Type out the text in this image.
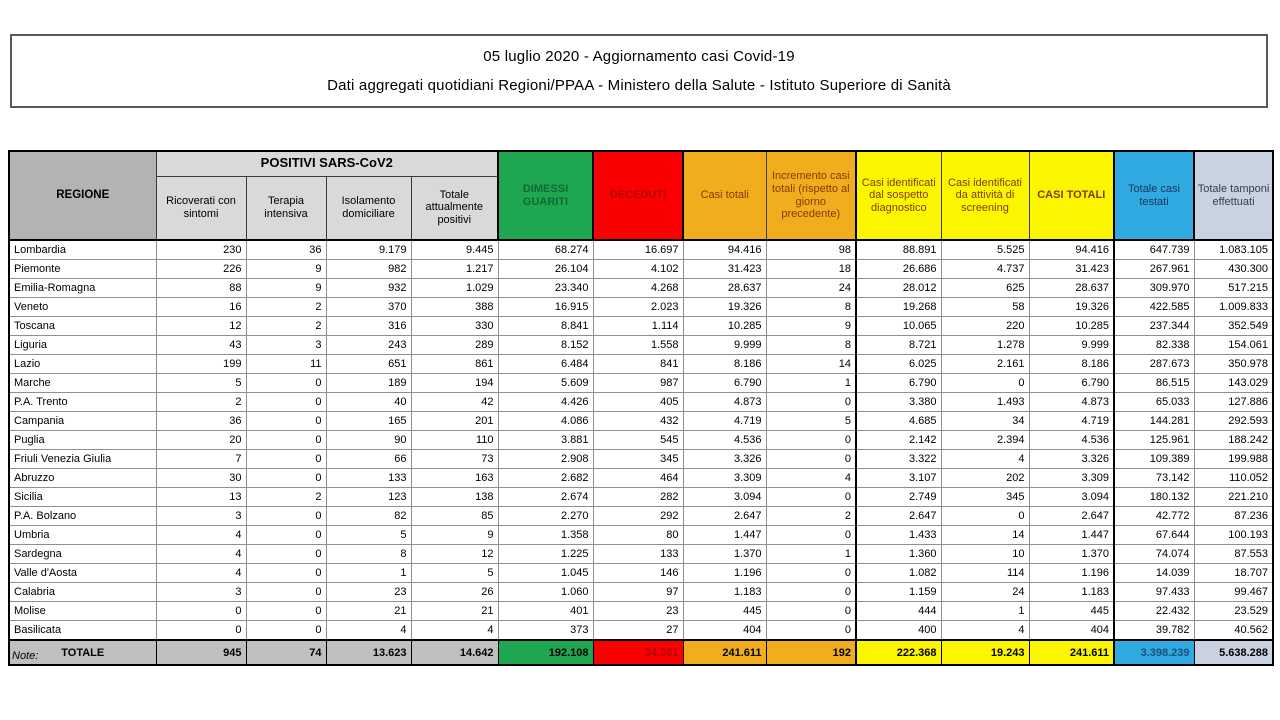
05 luglio 2020 - Aggiornamento casi Covid-19
Dati aggregati quotidiani Regioni/PPAA - Ministero della Salute - Istituto Superiore di Sanità
REGIONE	POSITIVI SARS-CoV2				DIMESSI GUARITI	DECEDUTI	Casi totali	Incremento casi totali (rispetto al giorno precedente)	Casi identificati dal sospetto diagnostico	Casi identificati da attività di screening	CASI TOTALI	Totale casi testati	Totale tamponi effettuati
	Ricoverati con sintomi	Terapia intensiva	Isolamento domiciliare	Totale attualmente positivi									
Lombardia	230	36	9.179	9.445	68.274	16.697	94.416	98	88.891	5.525	94.416	647.739	1.083.105
Piemonte	226	9	982	1.217	26.104	4.102	31.423	18	26.686	4.737	31.423	267.961	430.300
Emilia-Romagna	88	9	932	1.029	23.340	4.268	28.637	24	28.012	625	28.637	309.970	517.215
Veneto	16	2	370	388	16.915	2.023	19.326	8	19.268	58	19.326	422.585	1.009.833
Toscana	12	2	316	330	8.841	1.114	10.285	9	10.065	220	10.285	237.344	352.549
Liguria	43	3	243	289	8.152	1.558	9.999	8	8.721	1.278	9.999	82.338	154.061
Lazio	199	11	651	861	6.484	841	8.186	14	6.025	2.161	8.186	287.673	350.978
Marche	5	0	189	194	5.609	987	6.790	1	6.790	0	6.790	86.515	143.029
P.A. Trento	2	0	40	42	4.426	405	4.873	0	3.380	1.493	4.873	65.033	127.886
Campania	36	0	165	201	4.086	432	4.719	5	4.685	34	4.719	144.281	292.593
Puglia	20	0	90	110	3.881	545	4.536	0	2.142	2.394	4.536	125.961	188.242
Friuli Venezia Giulia	7	0	66	73	2.908	345	3.326	0	3.322	4	3.326	109.389	199.988
Abruzzo	30	0	133	163	2.682	464	3.309	4	3.107	202	3.309	73.142	110.052
Sicilia	13	2	123	138	2.674	282	3.094	0	2.749	345	3.094	180.132	221.210
P.A. Bolzano	3	0	82	85	2.270	292	2.647	2	2.647	0	2.647	42.772	87.236
Umbria	4	0	5	9	1.358	80	1.447	0	1.433	14	1.447	67.644	100.193
Sardegna	4	0	8	12	1.225	133	1.370	1	1.360	10	1.370	74.074	87.553
Valle d'Aosta	4	0	1	5	1.045	146	1.196	0	1.082	114	1.196	14.039	18.707
Calabria	3	0	23	26	1.060	97	1.183	0	1.159	24	1.183	97.433	99.467
Molise	0	0	21	21	401	23	445	0	444	1	445	22.432	23.529
Basilicata	0	0	4	4	373	27	404	0	400	4	404	39.782	40.562
TOTALE	945	74	13.623	14.642	192.108	34.861	241.611	192	222.368	19.243	241.611	3.398.239	5.638.288
Note:
